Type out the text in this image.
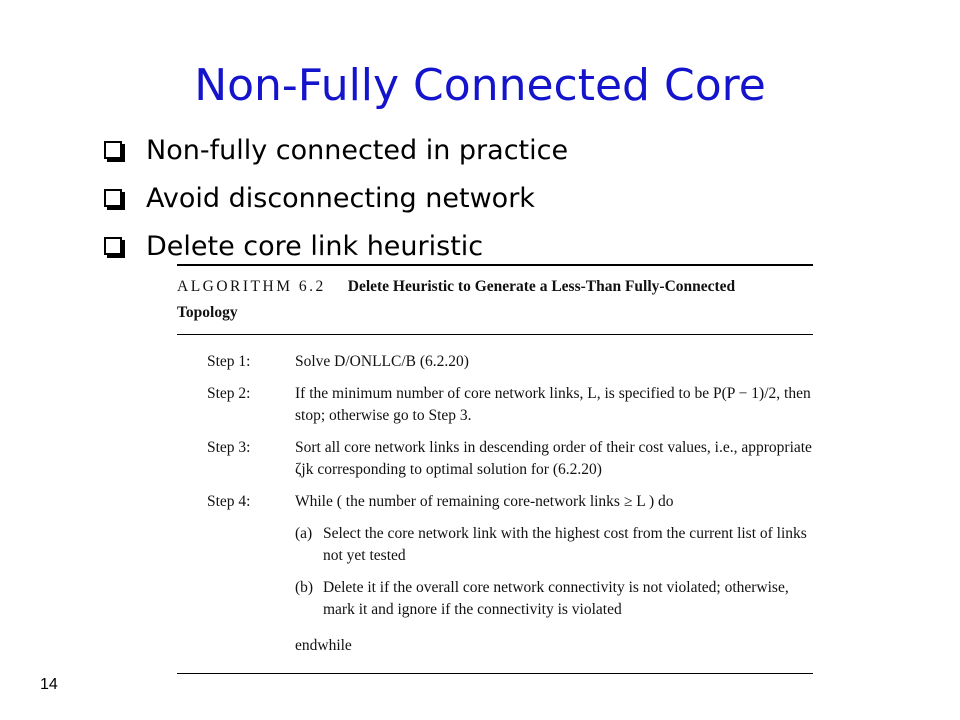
Non-Fully Connected Core
Non-fully connected in practice
Avoid disconnecting network
Delete core link heuristic
ALGORITHM 6.2 Delete Heuristic to Generate a Less-Than Fully-Connected
Topology
Step 1:	Solve D/ONLLC/B (6.2.20)
Step 2:	If the minimum number of core network links, L, is specified to be P(P − 1)/2, then stop; otherwise go to Step 3.
Step 3:	Sort all core network links in descending order of their cost values, i.e., appropriate ζjk corresponding to optimal solution for (6.2.20)
Step 4:	While ( the number of remaining core-network links ≥ L ) do
(a) Select the core network link with the highest cost from the current list of links not yet tested
(b) Delete it if the overall core network connectivity is not violated; otherwise, mark it and ignore if the connectivity is violated
endwhile
14
